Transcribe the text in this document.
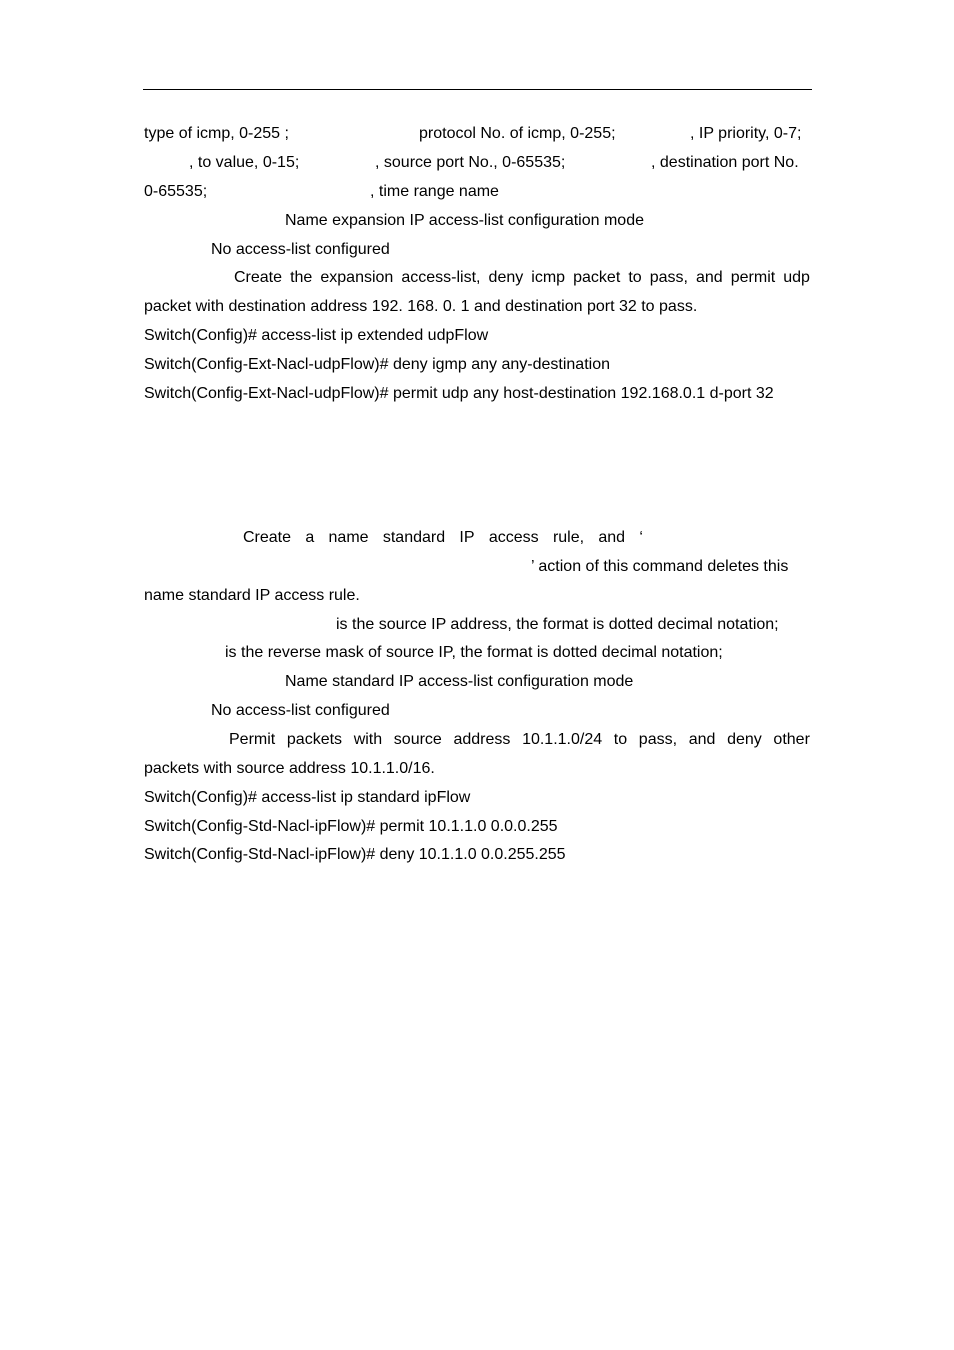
type of icmp, 0-255 ;	protocol No. of icmp, 0-255;	, IP priority, 0-7;
, to value, 0-15;	, source port No., 0-65535;	, destination port No.
0-65535;	, time range name
Name expansion IP access-list configuration mode
No access-list configured
Create the expansion access-list, deny icmp packet to pass, and permit udp
packet with destination address 192. 168. 0. 1 and destination port 32 to pass.
Switch(Config)# access-list ip extended udpFlow
Switch(Config-Ext-Nacl-udpFlow)# deny igmp any any-destination
Switch(Config-Ext-Nacl-udpFlow)# permit udp any host-destination 192.168.0.1 d-port 32
Create a name standard IP access rule, and ‘
’ action of this command deletes this
name standard IP access rule.
is the source IP address, the format is dotted decimal notation;
is the reverse mask of source IP, the format is dotted decimal notation;
Name standard IP access-list configuration mode
No access-list configured
Permit packets with source address 10.1.1.0/24 to pass, and deny other
packets with source address 10.1.1.0/16.
Switch(Config)# access-list ip standard ipFlow
Switch(Config-Std-Nacl-ipFlow)# permit 10.1.1.0 0.0.0.255
Switch(Config-Std-Nacl-ipFlow)# deny 10.1.1.0 0.0.255.255
